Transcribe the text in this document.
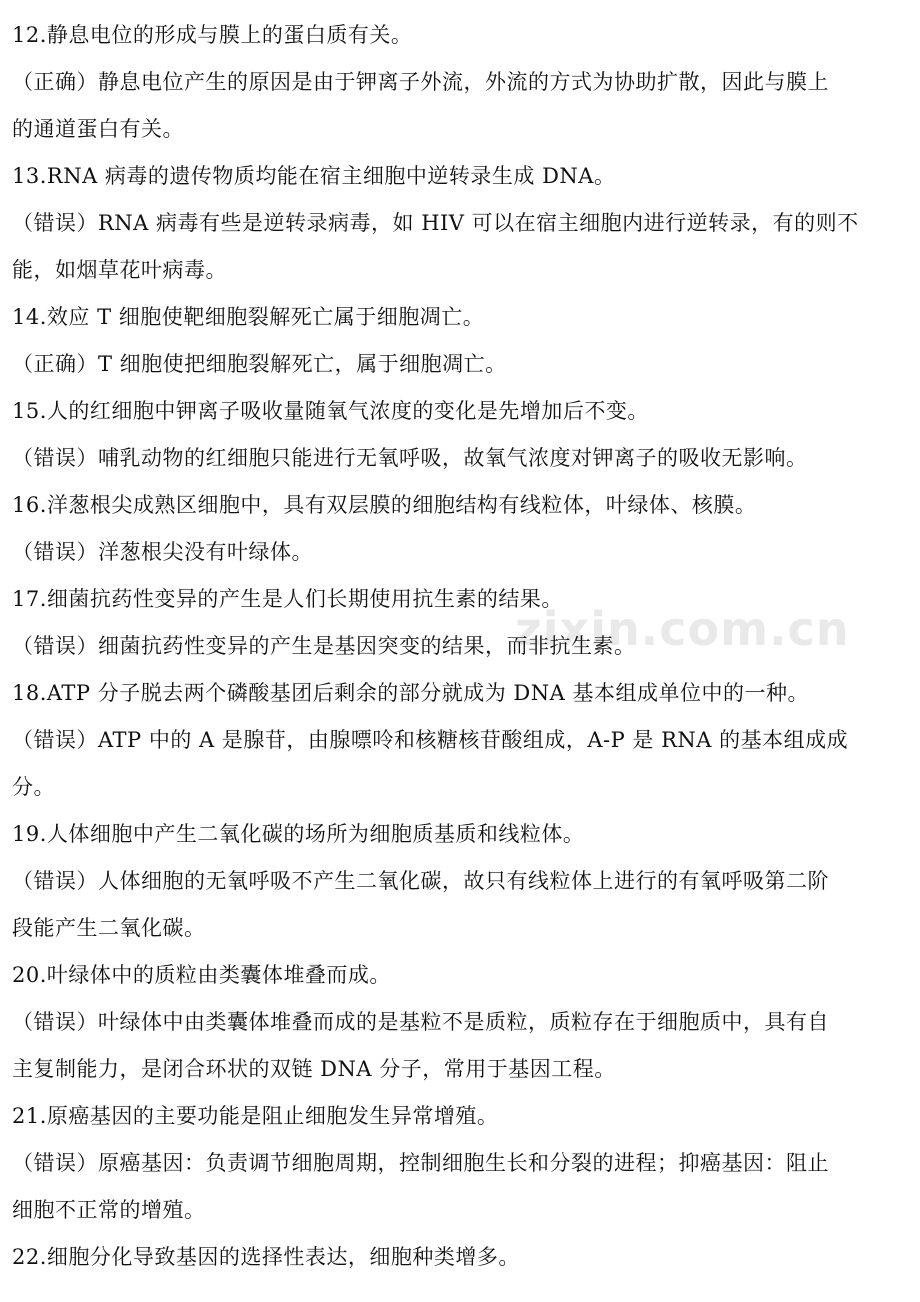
zixin.com.cn
12.静息电位的形成与膜上的蛋白质有关。
（正确）静息电位产生的原因是由于钾离子外流，外流的方式为协助扩散，因此与膜上
的通道蛋白有关。
13.RNA 病毒的遗传物质均能在宿主细胞中逆转录生成 DNA。
（错误）RNA 病毒有些是逆转录病毒，如 HIV 可以在宿主细胞内进行逆转录，有的则不
能，如烟草花叶病毒。
14.效应 T 细胞使靶细胞裂解死亡属于细胞凋亡。
（正确）T 细胞使把细胞裂解死亡，属于细胞凋亡。
15.人的红细胞中钾离子吸收量随氧气浓度的变化是先增加后不变。
（错误）哺乳动物的红细胞只能进行无氧呼吸，故氧气浓度对钾离子的吸收无影响。
16.洋葱根尖成熟区细胞中，具有双层膜的细胞结构有线粒体，叶绿体、核膜。
（错误）洋葱根尖没有叶绿体。
17.细菌抗药性变异的产生是人们长期使用抗生素的结果。
（错误）细菌抗药性变异的产生是基因突变的结果，而非抗生素。
18.ATP 分子脱去两个磷酸基团后剩余的部分就成为 DNA 基本组成单位中的一种。
（错误）ATP 中的 A 是腺苷，由腺嘌呤和核糖核苷酸组成，A-P 是 RNA 的基本组成成
分。
19.人体细胞中产生二氧化碳的场所为细胞质基质和线粒体。
（错误）人体细胞的无氧呼吸不产生二氧化碳，故只有线粒体上进行的有氧呼吸第二阶
段能产生二氧化碳。
20.叶绿体中的质粒由类囊体堆叠而成。
（错误）叶绿体中由类囊体堆叠而成的是基粒不是质粒，质粒存在于细胞质中，具有自
主复制能力，是闭合环状的双链 DNA 分子，常用于基因工程。
21.原癌基因的主要功能是阻止细胞发生异常增殖。
（错误）原癌基因：负责调节细胞周期，控制细胞生长和分裂的进程；抑癌基因：阻止
细胞不正常的增殖。
22.细胞分化导致基因的选择性表达，细胞种类增多。
